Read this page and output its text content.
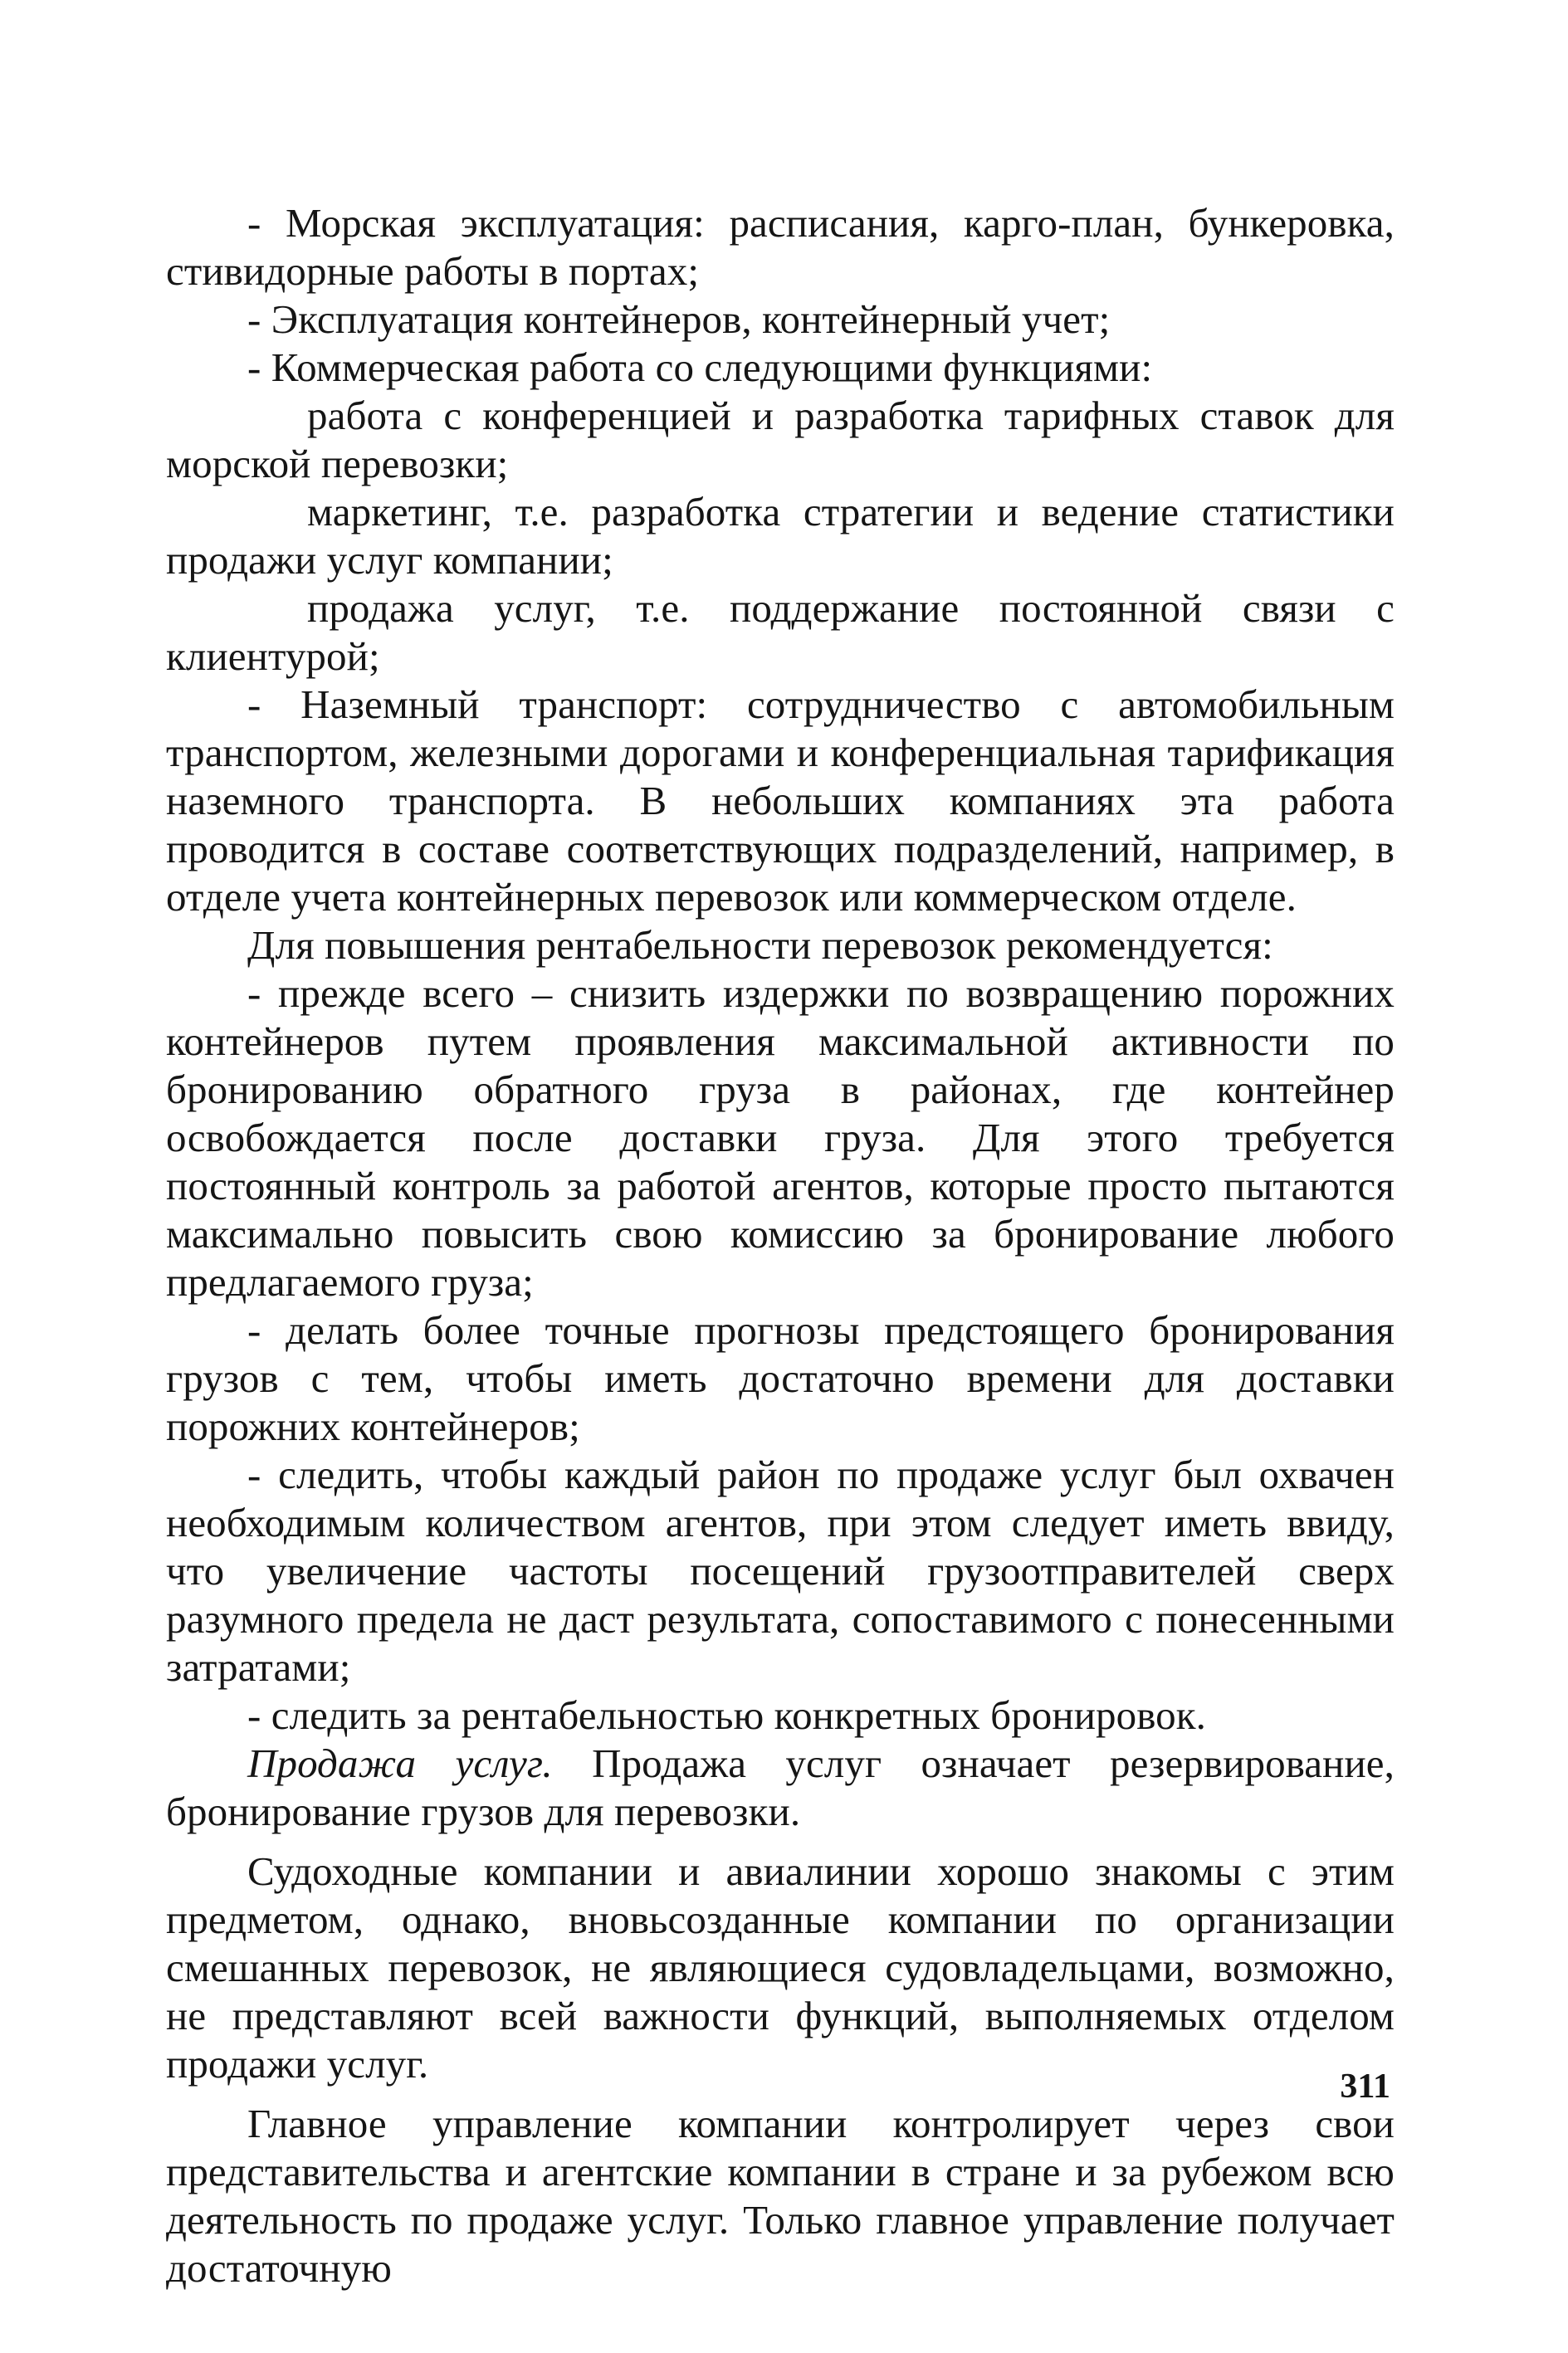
- Морская эксплуатация: расписания, карго-план, бункеровка, стивидорные работы в портах;

- Эксплуатация контейнеров, контейнерный учет;

- Коммерческая работа со следующими функциями:

работа с конференцией и разработка тарифных ставок для морской перевозки;

маркетинг, т.е. разработка стратегии и ведение статистики продажи услуг компании;

продажа услуг, т.е. поддержание постоянной связи с клиентурой;

- Наземный транспорт: сотрудничество с автомобильным транспортом, железными дорогами и конференциальная тарификация наземного транспорта. В небольших компаниях эта работа проводится в составе соответствующих подразделений, например, в отделе учета контейнерных перевозок или коммерческом отделе.

Для повышения рентабельности перевозок рекомендуется:

- прежде всего – снизить издержки по возвращению порожних контейнеров путем проявления максимальной активности по бронированию обратного груза в районах, где контейнер освобождается после доставки груза. Для этого требуется постоянный контроль за работой агентов, которые просто пытаются максимально повысить свою комиссию за бронирование любого предлагаемого груза;

- делать более точные прогнозы предстоящего бронирования грузов с тем, чтобы иметь достаточно времени для доставки порожних контейнеров;

- следить, чтобы каждый район по продаже услуг был охвачен необходимым количеством агентов, при этом следует иметь ввиду, что увеличение частоты посещений грузоотправителей сверх разумного предела не даст результата, сопоставимого с понесенными затратами;

- следить за рентабельностью конкретных бронировок.

Продажа услуг. Продажа услуг означает резервирование, бронирование грузов для перевозки.

Судоходные компании и авиалинии хорошо знакомы с этим предметом, однако, вновьсозданные компании по организации смешанных перевозок, не являющиеся судовладельцами, возможно, не представляют всей важности функций, выполняемых отделом продажи услуг.

Главное управление компании контролирует через свои представительства и агентские компании в стране и за рубежом всю деятельность по продаже услуг. Только главное управление получает достаточную

311
